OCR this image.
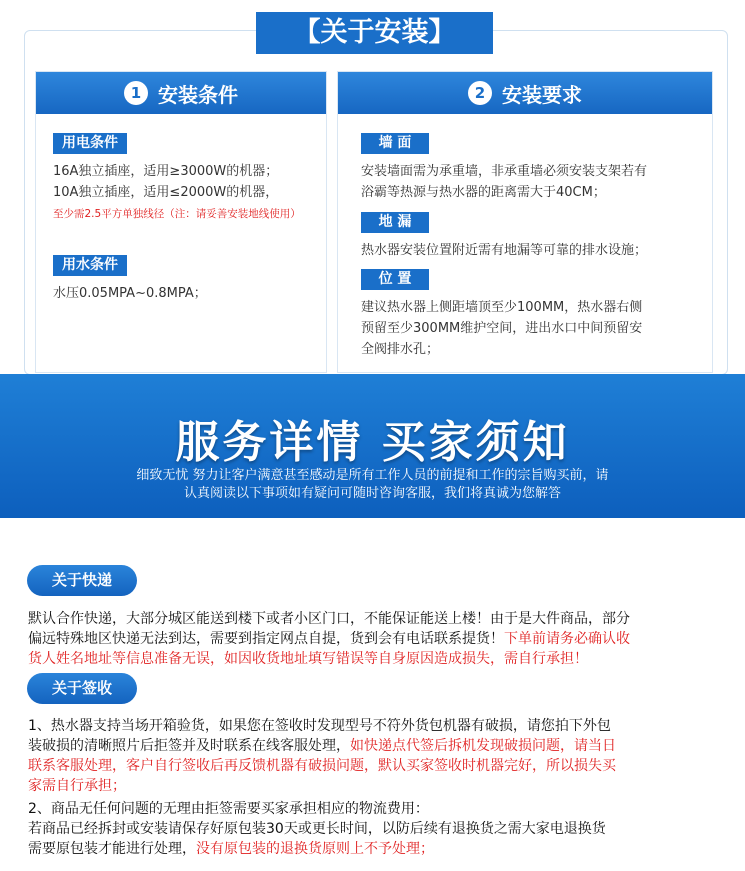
【关于安装】
1 安装条件
用电条件
16A独立插座，适用≥3000W的机器；
10A独立插座，适用≤2000W的机器，
至少需2.5平方单独线径（注：请妥善安装地线使用）
用水条件
水压0.05MPA~0.8MPA；
2 安装要求
墙 面
安装墙面需为承重墙，非承重墙必须安装支架若有
浴霸等热源与热水器的距离需大于40CM；
地 漏
热水器安装位置附近需有地漏等可靠的排水设施；
位 置
建议热水器上侧距墙顶至少100MM，热水器右侧
预留至少300MM维护空间，进出水口中间预留安
全阀排水孔；
服务详情 买家须知
细致无忧 努力让客户满意甚至感动是所有工作人员的前提和工作的宗旨购买前，请
认真阅读以下事项如有疑问可随时咨询客服，我们将真诚为您解答
关于快递
默认合作快递，大部分城区能送到楼下或者小区门口，不能保证能送上楼！由于是大件商品，部分
偏远特殊地区快递无法到达，需要到指定网点自提，货到会有电话联系提货！下单前请务必确认收
货人姓名地址等信息准备无误，如因收货地址填写错误等自身原因造成损失，需自行承担！
关于签收
1、热水器支持当场开箱验货，如果您在签收时发现型号不符外货包机器有破损，请您拍下外包
装破损的清晰照片后拒签并及时联系在线客服处理，如快递点代签后拆机发现破损问题，请当日
联系客服处理，客户自行签收后再反馈机器有破损问题，默认买家签收时机器完好，所以损失买
家需自行承担；
2、商品无任何问题的无理由拒签需要买家承担相应的物流费用：
若商品已经拆封或安装请保存好原包装30天或更长时间，以防后续有退换货之需大家电退换货
需要原包装才能进行处理，没有原包装的退换货原则上不予处理；
